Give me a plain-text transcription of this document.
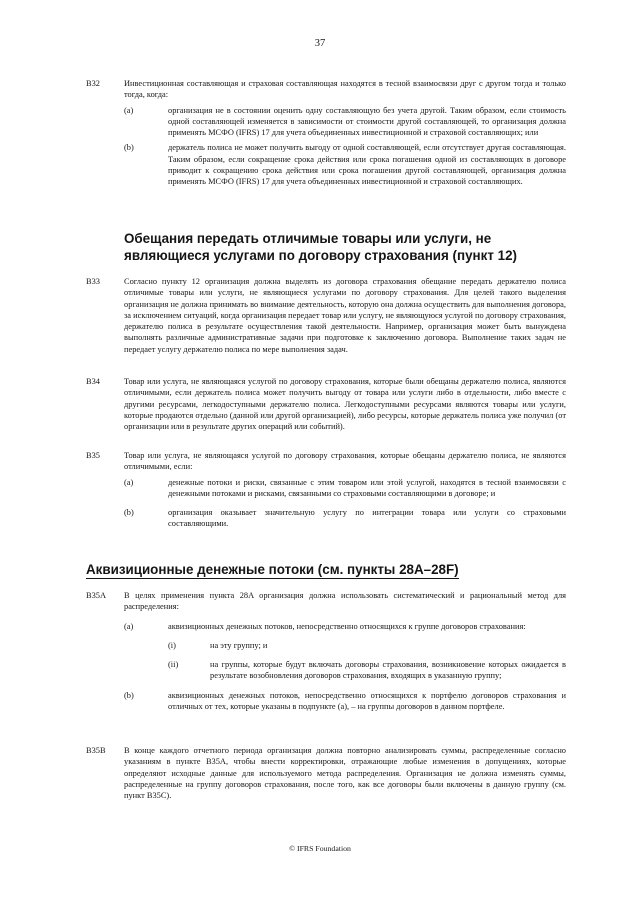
37
B32	Инвестиционная составляющая и страховая составляющая находятся в тесной взаимосвязи друг с другом тогда и только тогда, когда:
(a)	организация не в состоянии оценить одну составляющую без учета другой. Таким образом, если стоимость одной составляющей изменяется в зависимости от стоимости другой составляющей, то организация должна применять МСФО (IFRS) 17 для учета объединенных инвестиционной и страховой составляющих; или
(b)	держатель полиса не может получить выгоду от одной составляющей, если отсутствует другая составляющая. Таким образом, если сокращение срока действия или срока погашения одной из составляющих в договоре приводит к сокращению срока действия или срока погашения другой составляющей, организация должна применять МСФО (IFRS) 17 для учета объединенных инвестиционной и страховой составляющих.
Обещания передать отличимые товары или услуги, не являющиеся услугами по договору страхования (пункт 12)
B33	Согласно пункту 12 организация должна выделять из договора страхования обещание передать держателю полиса отличимые товары или услуги, не являющиеся услугами по договору страхования. Для целей такого выделения организация не должна принимать во внимание деятельность, которую она должна осуществить для выполнения договора, за исключением ситуаций, когда организация передает товар или услугу, не являющуюся услугой по договору страхования, держателю полиса в результате осуществления такой деятельности. Например, организация может быть вынуждена выполнять различные административные задачи при подготовке к заключению договора. Выполнение таких задач не передает услугу держателю полиса по мере выполнения задач.
B34	Товар или услуга, не являющаяся услугой по договору страхования, которые были обещаны держателю полиса, являются отличимыми, если держатель полиса может получить выгоду от товара или услуги либо в отдельности, либо вместе с другими ресурсами, легкодоступными держателю полиса. Легкодоступными ресурсами являются товары или услуги, которые продаются отдельно (данной или другой организацией), либо ресурсы, которые держатель полиса уже получил (от организации или в результате других операций или событий).
B35	Товар или услуга, не являющаяся услугой по договору страхования, которые обещаны держателю полиса, не являются отличимыми, если:
(a)	денежные потоки и риски, связанные с этим товаром или этой услугой, находятся в тесной взаимосвязи с денежными потоками и рисками, связанными со страховыми составляющими в договоре; и
(b)	организация оказывает значительную услугу по интеграции товара или услуги со страховыми составляющими.
Аквизиционные денежные потоки (см. пункты 28A–28F)
B35A	В целях применения пункта 28A организация должна использовать систематический и рациональный метод для распределения:
(a)	аквизиционных денежных потоков, непосредственно относящихся к группе договоров страхования:
(i)	на эту группу; и
(ii)	на группы, которые будут включать договоры страхования, возникновение которых ожидается в результате возобновления договоров страхования, входящих в указанную группу;
(b)	аквизиционных денежных потоков, непосредственно относящихся к портфелю договоров страхования и отличных от тех, которые указаны в подпункте (a), – на группы договоров в данном портфеле.
B35B	В конце каждого отчетного периода организация должна повторно анализировать суммы, распределенные согласно указаниям в пункте B35A, чтобы внести корректировки, отражающие любые изменения в допущениях, которые определяют исходные данные для используемого метода распределения. Организация не должна изменять суммы, распределенные на группу договоров страхования, после того, как все договоры были включены в данную группу (см. пункт B35C).
© IFRS Foundation
